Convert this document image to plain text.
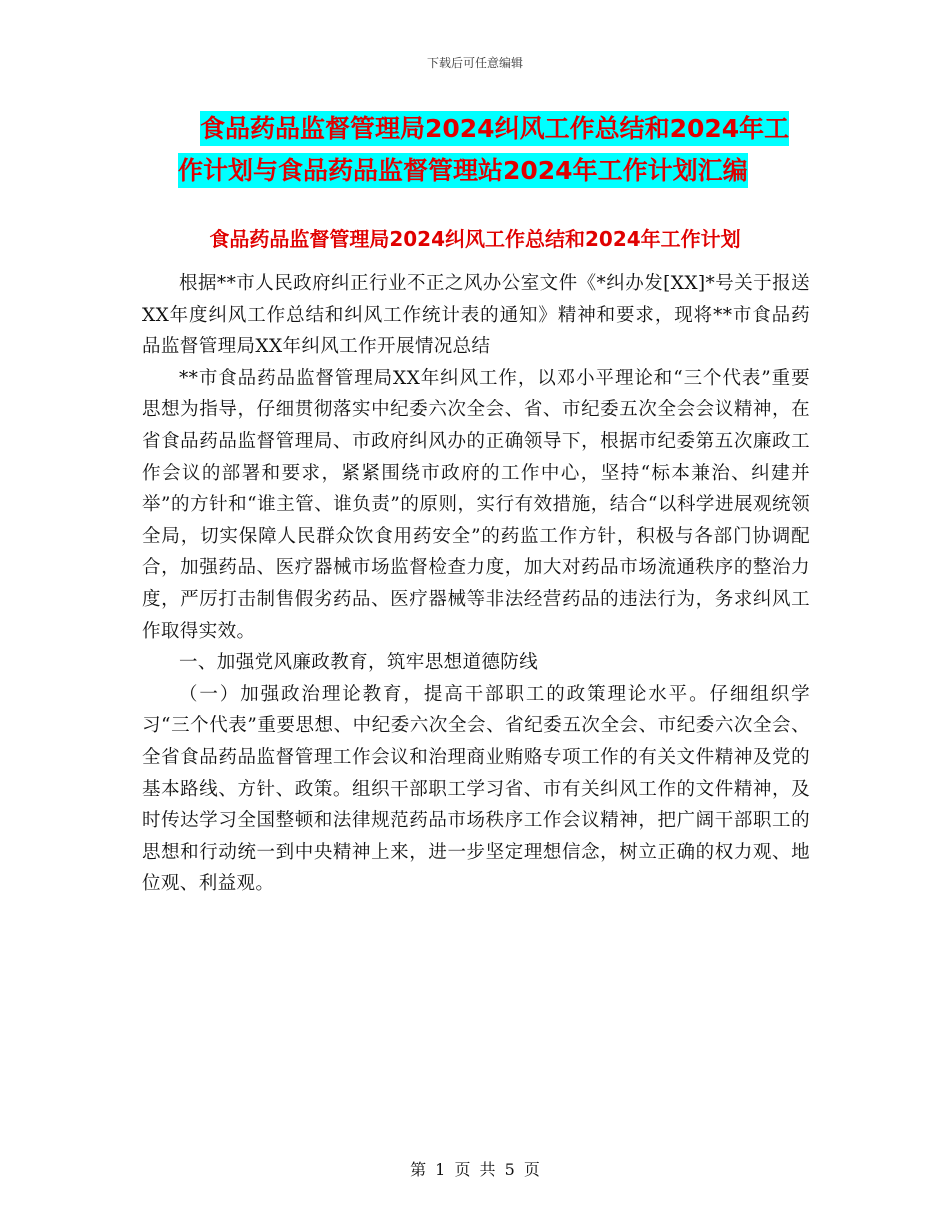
下载后可任意编辑
食品药品监督管理局2024纠风工作总结和2024年工
作计划与食品药品监督管理站2024年工作计划汇编
食品药品监督管理局2024纠风工作总结和2024年工作计划

根据**市人民政府纠正行业不正之风办公室文件《*纠办发[XX]*号关于报送XX年度纠风工作总结和纠风工作统计表的通知》精神和要求，现将**市食品药品监督管理局XX年纠风工作开展情况总结

**市食品药品监督管理局XX年纠风工作，以邓小平理论和“三个代表”重要思想为指导，仔细贯彻落实中纪委六次全会、省、市纪委五次全会会议精神，在省食品药品监督管理局、市政府纠风办的正确领导下，根据市纪委第五次廉政工作会议的部署和要求，紧紧围绕市政府的工作中心，坚持“标本兼治、纠建并举”的方针和“谁主管、谁负责”的原则，实行有效措施，结合“以科学进展观统领全局，切实保障人民群众饮食用药安全”的药监工作方针，积极与各部门协调配合，加强药品、医疗器械市场监督检查力度，加大对药品市场流通秩序的整治力度，严厉打击制售假劣药品、医疗器械等非法经营药品的违法行为，务求纠风工作取得实效。

一、加强党风廉政教育，筑牢思想道德防线

（一）加强政治理论教育，提高干部职工的政策理论水平。仔细组织学习“三个代表”重要思想、中纪委六次全会、省纪委五次全会、市纪委六次全会、全省食品药品监督管理工作会议和治理商业贿赂专项工作的有关文件精神及党的基本路线、方针、政策。组织干部职工学习省、市有关纠风工作的文件精神，及时传达学习全国整顿和法律规范药品市场秩序工作会议精神，把广阔干部职工的思想和行动统一到中央精神上来，进一步坚定理想信念，树立正确的权力观、地位观、利益观。

第 1 页 共 5 页
